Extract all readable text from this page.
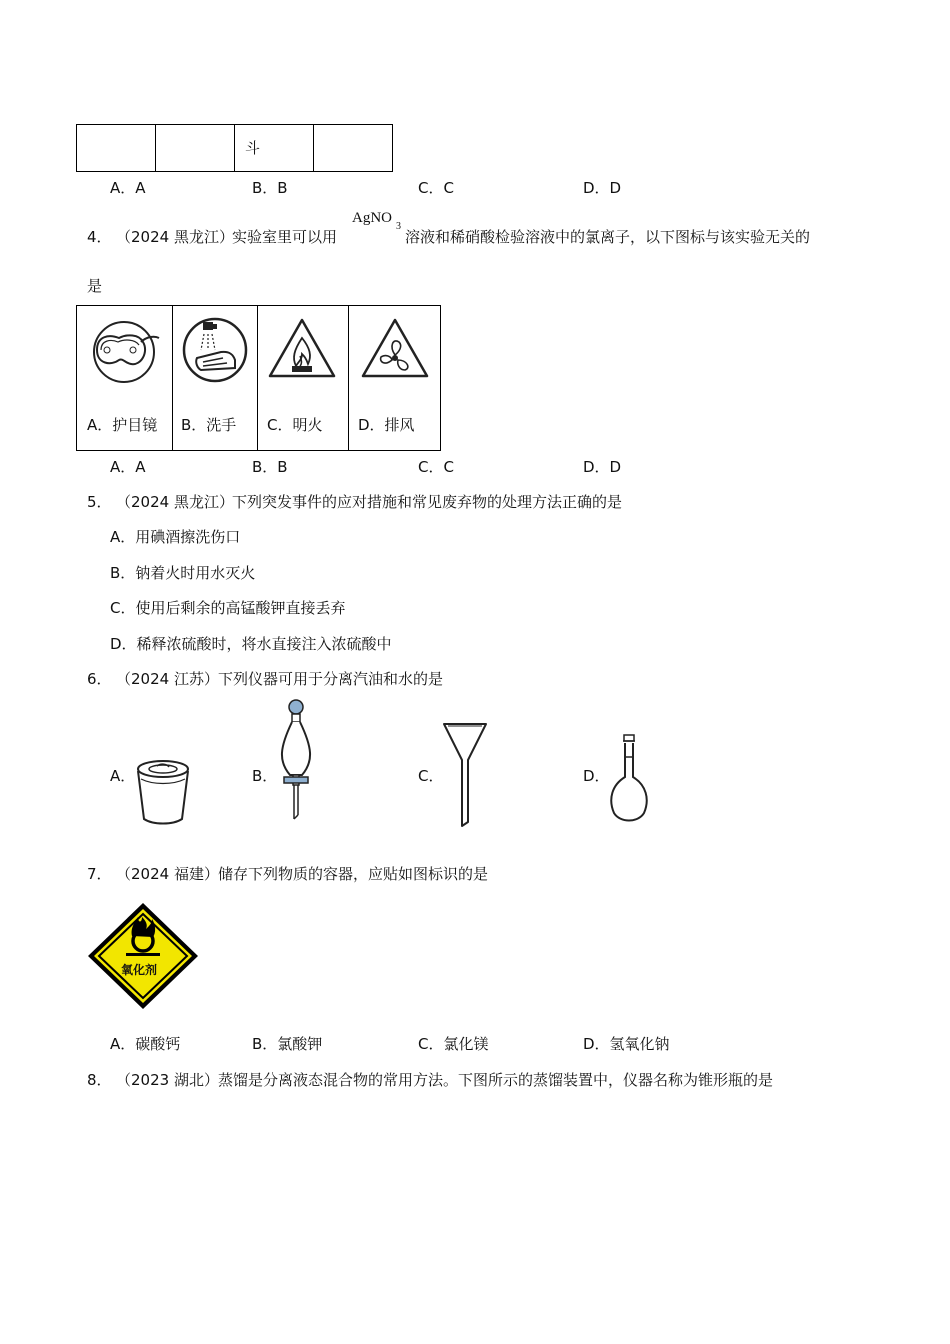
斗
A．A	B．B	C．C	D．D
4． （2024 黑龙江）
实验室里可以用
AgNO
3
溶液和稀硝酸检验溶液中的氯离子，以下图标与该实验无关的
是
A．护目镜 B．洗手 C．明火 D．排风
A．A	B．B	C．C	D．D
5． （2024 黑龙江）
下列突发事件的应对措施和常见废弃物的处理方法正确的是
A．用碘酒擦洗伤口
B．钠着火时用水灭火
C．使用后剩余的高锰酸钾直接丢弃
D．稀释浓硫酸时，将水直接注入浓硫酸中
6． （2024 江苏） 下列仪器可用于分离汽油和水的是
A．	B．	C．	D．
7． （2024 福建） 储存下列物质的容器，应贴如图标识的是
氧化剂
A．碳酸钙	B．氯酸钾	C．氯化镁	D．氢氧化钠
8． （2023 湖北） 蒸馏是分离液态混合物的常用方法。下图所示的蒸馏装置中，仪器名称为锥形瓶的是
